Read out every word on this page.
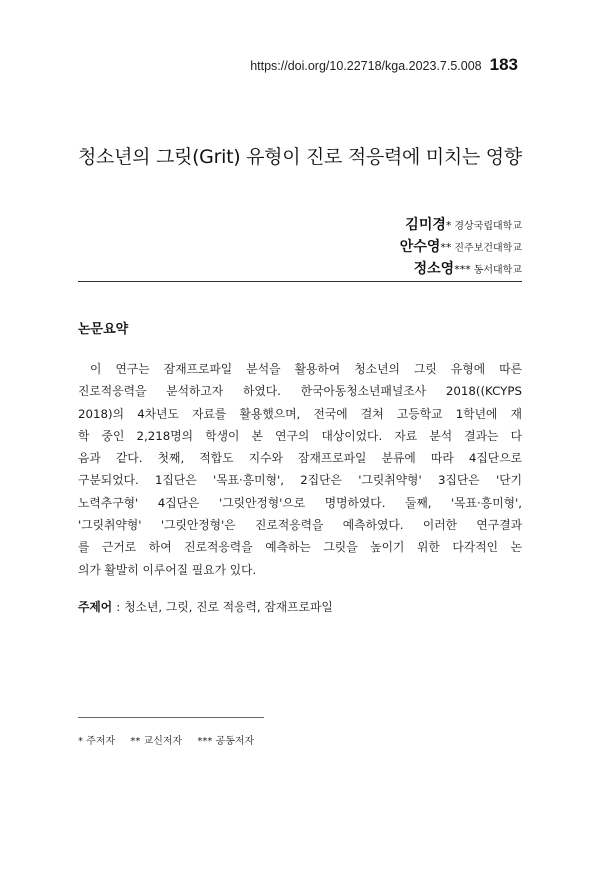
https://doi.org/10.22718/kga.2023.7.5.008 183
청소년의 그릿(Grit) 유형이 진로 적응력에 미치는 영향
김미경* 경상국립대학교
안수영** 진주보건대학교
정소영*** 동서대학교
논문요약
이 연구는 잠재프로파일 분석을 활용하여 청소년의 그릿 유형에 따른
진로적응력을 분석하고자 하였다. 한국아동청소년패널조사 2018((KCYPS
2018)의 4차년도 자료를 활용했으며, 전국에 걸쳐 고등학교 1학년에 재
학 중인 2,218명의 학생이 본 연구의 대상이었다. 자료 분석 결과는 다
음과 같다. 첫째, 적합도 지수와 잠재프로파일 분류에 따라 4집단으로
구분되었다. 1집단은 '목표·흥미형', 2집단은 '그릿취약형' 3집단은 '단기
노력추구형' 4집단은 '그릿안정형'으로 명명하였다. 둘째, '목표·흥미형',
'그릿취약형' '그릿안정형'은 진로적응력을 예측하였다. 이러한 연구결과
를 근거로 하여 진로적응력을 예측하는 그릿을 높이기 위한 다각적인 논
의가 활발히 이루어질 필요가 있다.
주제어 : 청소년, 그릿, 진로 적응력, 잠재프로파일
* 주저자 ** 교신저자 *** 공동저자
